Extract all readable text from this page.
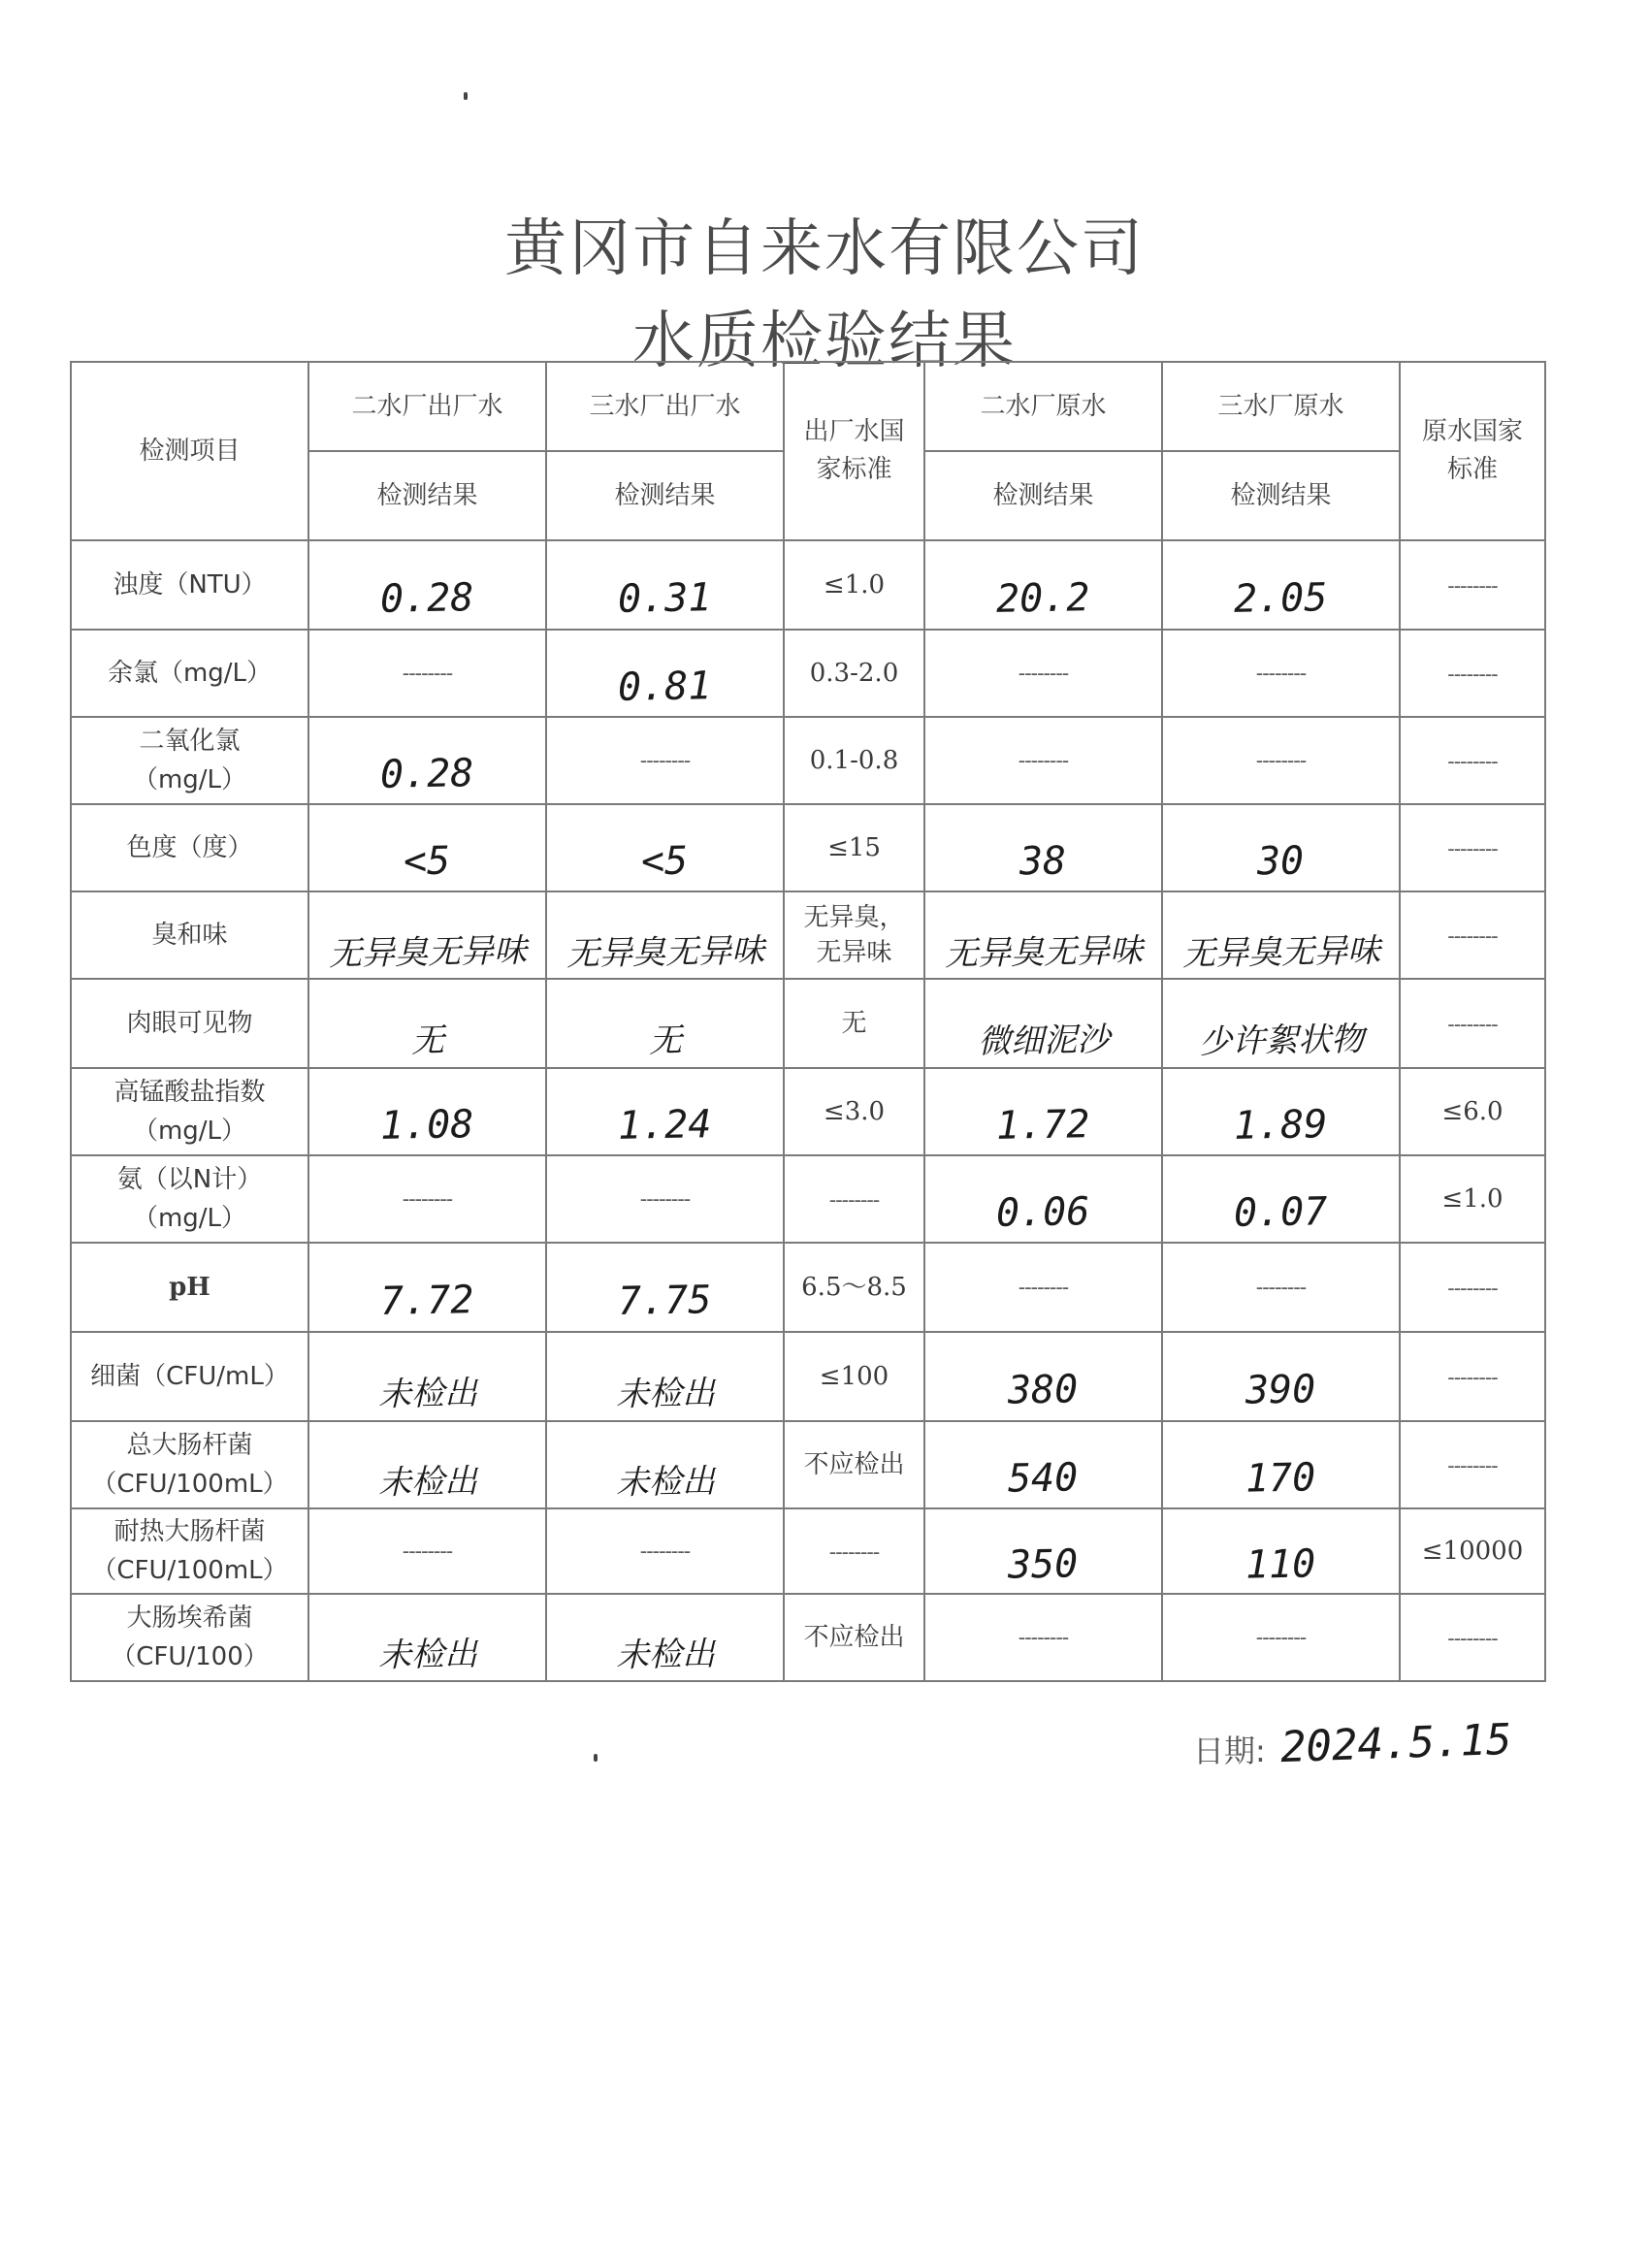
黄冈市自来水有限公司
水质检验结果
检测项目	二水厂出厂水	三水厂出厂水	出厂水国家标准	二水厂原水	三水厂原水	原水国家标准
	检测结果	检测结果		检测结果	检测结果	
浊度（NTU）	0.28	0.31	≤1.0	20.2	2.05	--------
余氯（mg/L）	--------	0.81	0.3-2.0	--------	--------	--------
二氧化氯（mg/L）	0.28	--------	0.1-0.8	--------	--------	--------
色度（度）	<5	<5	≤15	38	30	--------
臭和味	无异臭无异味	无异臭无异味	无异臭，无异味	无异臭无异味	无异臭无异味	--------
肉眼可见物	无	无	无	微细泥沙	少许絮状物	--------
高锰酸盐指数（mg/L）	1.08	1.24	≤3.0	1.72	1.89	≤6.0
氨（以N计）（mg/L）	--------	--------	--------	0.06	0.07	≤1.0
pH	7.72	7.75	6.5～8.5	--------	--------	--------
细菌（CFU/mL）	未检出	未检出	≤100	380	390	--------
总大肠杆菌（CFU/100mL）	未检出	未检出	不应检出	540	170	--------
耐热大肠杆菌（CFU/100mL）	--------	--------	--------	350	110	≤10000
大肠埃希菌（CFU/100）	未检出	未检出	不应检出	--------	--------	--------
日期: 2024.5.15
